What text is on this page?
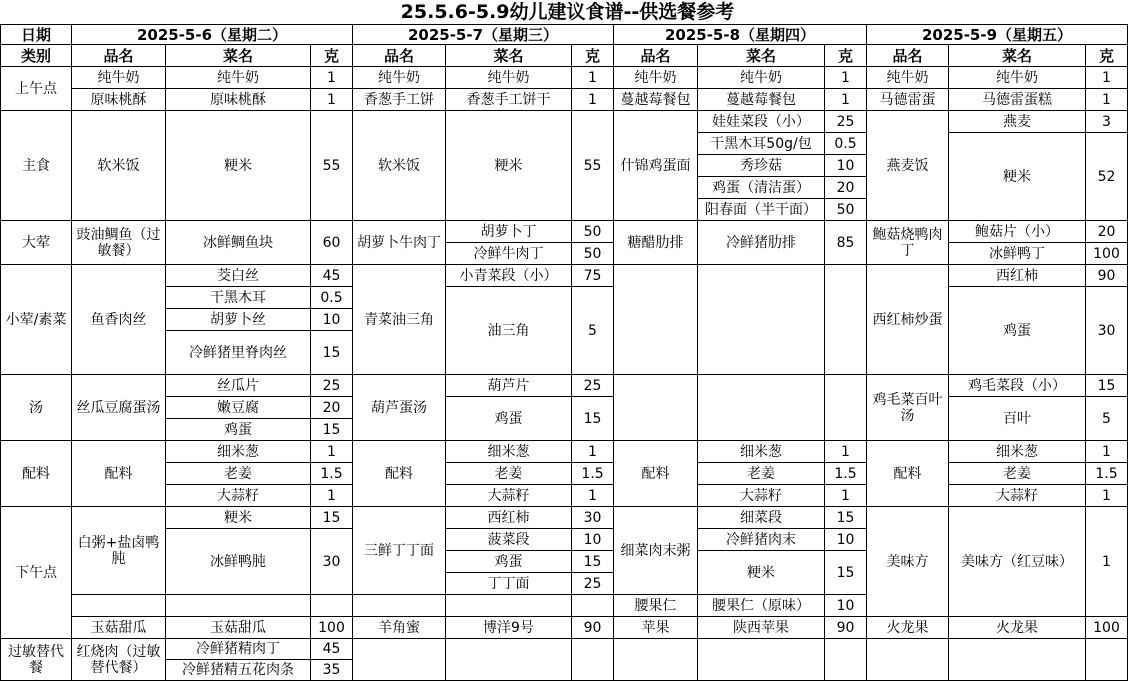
25.5.6-5.9幼儿建议食谱--供选餐参考
日期	2025-5-6（星期二）			2025-5-7（星期三）			2025-5-8（星期四）			2025-5-9（星期五）		
类别	品名	菜名	克	品名	菜名	克	品名	菜名	克	品名	菜名	克
上午点	纯牛奶	纯牛奶	1	纯牛奶	纯牛奶	1	纯牛奶	纯牛奶	1	纯牛奶	纯牛奶	1
	原味桃酥	原味桃酥	1	香葱手工饼	香葱手工饼干	1	蔓越莓餐包	蔓越莓餐包	1	马德雷蛋	马德雷蛋糕	1
主食	软米饭	粳米	55	软米饭	粳米	55	什锦鸡蛋面	娃娃菜段（小）	25	燕麦饭	燕麦	3
								干黑木耳50g/包	0.5		粳米	52
								秀珍菇	10			
								鸡蛋（清洁蛋）	20			
								阳春面（半干面）	50			
大荤	豉油鲷鱼（过敏餐）	冰鲜鲷鱼块	60	胡萝卜牛肉丁	胡萝卜丁	50	糖醋肋排	冷鲜猪肋排	85	鲍菇烧鸭肉丁	鲍菇片（小）	20
					冷鲜牛肉丁	50					冰鲜鸭丁	100
小荤/素菜	鱼香肉丝	茭白丝	45	青菜油三角	小青菜段（小）	75				西红柿炒蛋	西红柿	90
		干黑木耳	0.5		油三角	5					鸡蛋	30
		胡萝卜丝	10									
		冷鲜猪里脊肉丝	15									
汤	丝瓜豆腐蛋汤	丝瓜片	25	葫芦蛋汤	葫芦片	25				鸡毛菜百叶汤	鸡毛菜段（小）	15
		嫩豆腐	20		鸡蛋	15					百叶	5
		鸡蛋	15									
配料	配料	细米葱	1	配料	细米葱	1	配料	细米葱	1	配料	细米葱	1
		老姜	1.5		老姜	1.5		老姜	1.5		老姜	1.5
		大蒜籽	1		大蒜籽	1		大蒜籽	1		大蒜籽	1
下午点	白粥+盐卤鸭肫	粳米	15	三鲜丁丁面	西红柿	30	细菜肉末粥	细菜段	15	美味方	美味方（红豆味）	1
		冰鲜鸭肫	30		菠菜段	10		冷鲜猪肉末	10			
					鸡蛋	15		粳米	15			
					丁丁面	25						
							腰果仁	腰果仁（原味）	10			
	玉菇甜瓜	玉菇甜瓜	100	羊角蜜	博洋9号	90	苹果	陕西苹果	90	火龙果	火龙果	100
过敏替代餐	红烧肉（过敏替代餐）	冷鲜猪精肉丁	45									
		冷鲜猪精五花肉条	35									
